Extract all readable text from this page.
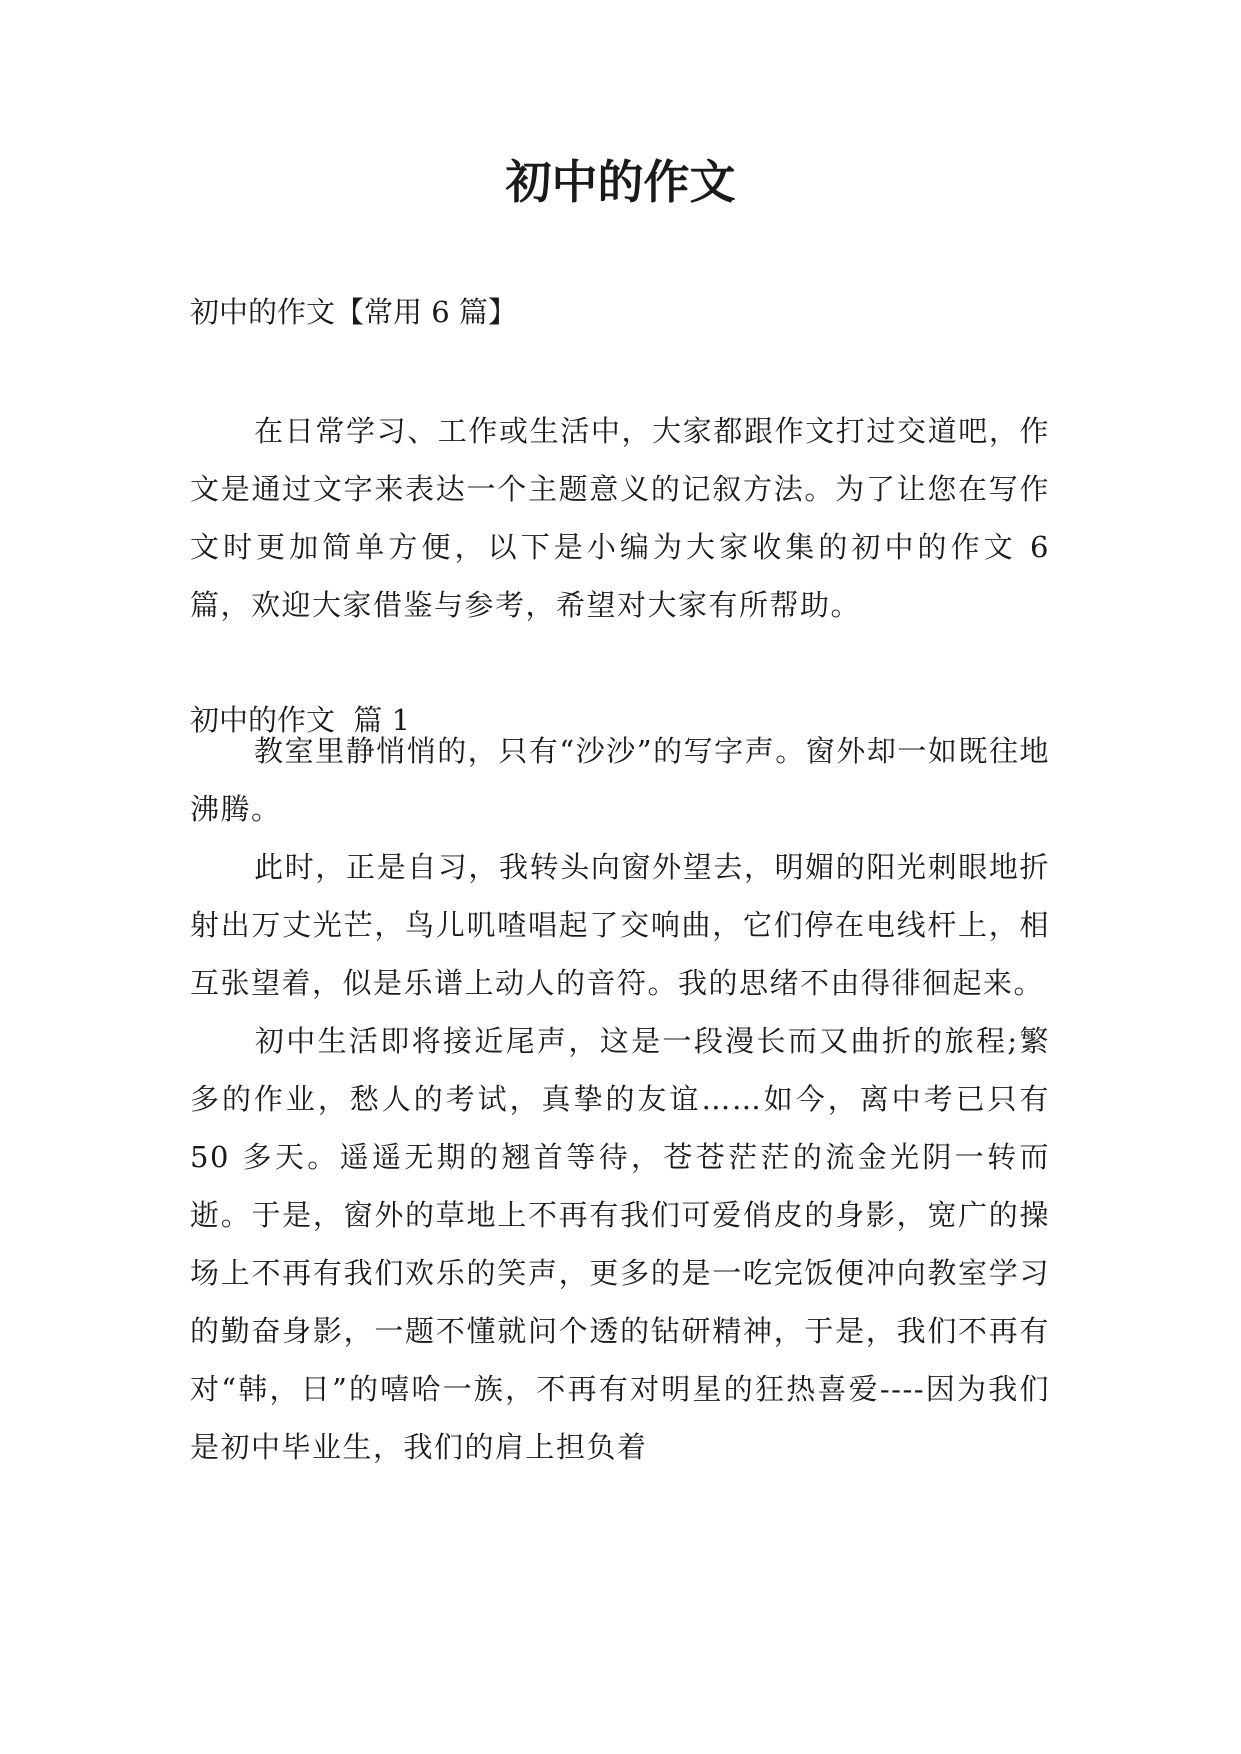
初中的作文

初中的作文【常用 6 篇】

在日常学习、工作或生活中，大家都跟作文打过交道吧，作文是通过文字来表达一个主题意义的记叙方法。为了让您在写作文时更加简单方便，以下是小编为大家收集的初中的作文 6 篇，欢迎大家借鉴与参考，希望对大家有所帮助。

初中的作文  篇 1

教室里静悄悄的，只有“沙沙”的写字声。窗外却一如既往地沸腾。

此时，正是自习，我转头向窗外望去，明媚的阳光刺眼地折射出万丈光芒，鸟儿叽喳唱起了交响曲，它们停在电线杆上，相互张望着，似是乐谱上动人的音符。我的思绪不由得徘徊起来。

初中生活即将接近尾声，这是一段漫长而又曲折的旅程;繁多的作业，愁人的考试，真挚的友谊……如今，离中考已只有 50 多天。遥遥无期的翘首等待，苍苍茫茫的流金光阴一转而逝。于是，窗外的草地上不再有我们可爱俏皮的身影，宽广的操场上不再有我们欢乐的笑声，更多的是一吃完饭便冲向教室学习的勤奋身影，一题不懂就问个透的钻研精神，于是，我们不再有对“韩，日”的嘻哈一族，不再有对明星的狂热喜爱----因为我们是初中毕业生，我们的肩上担负着
